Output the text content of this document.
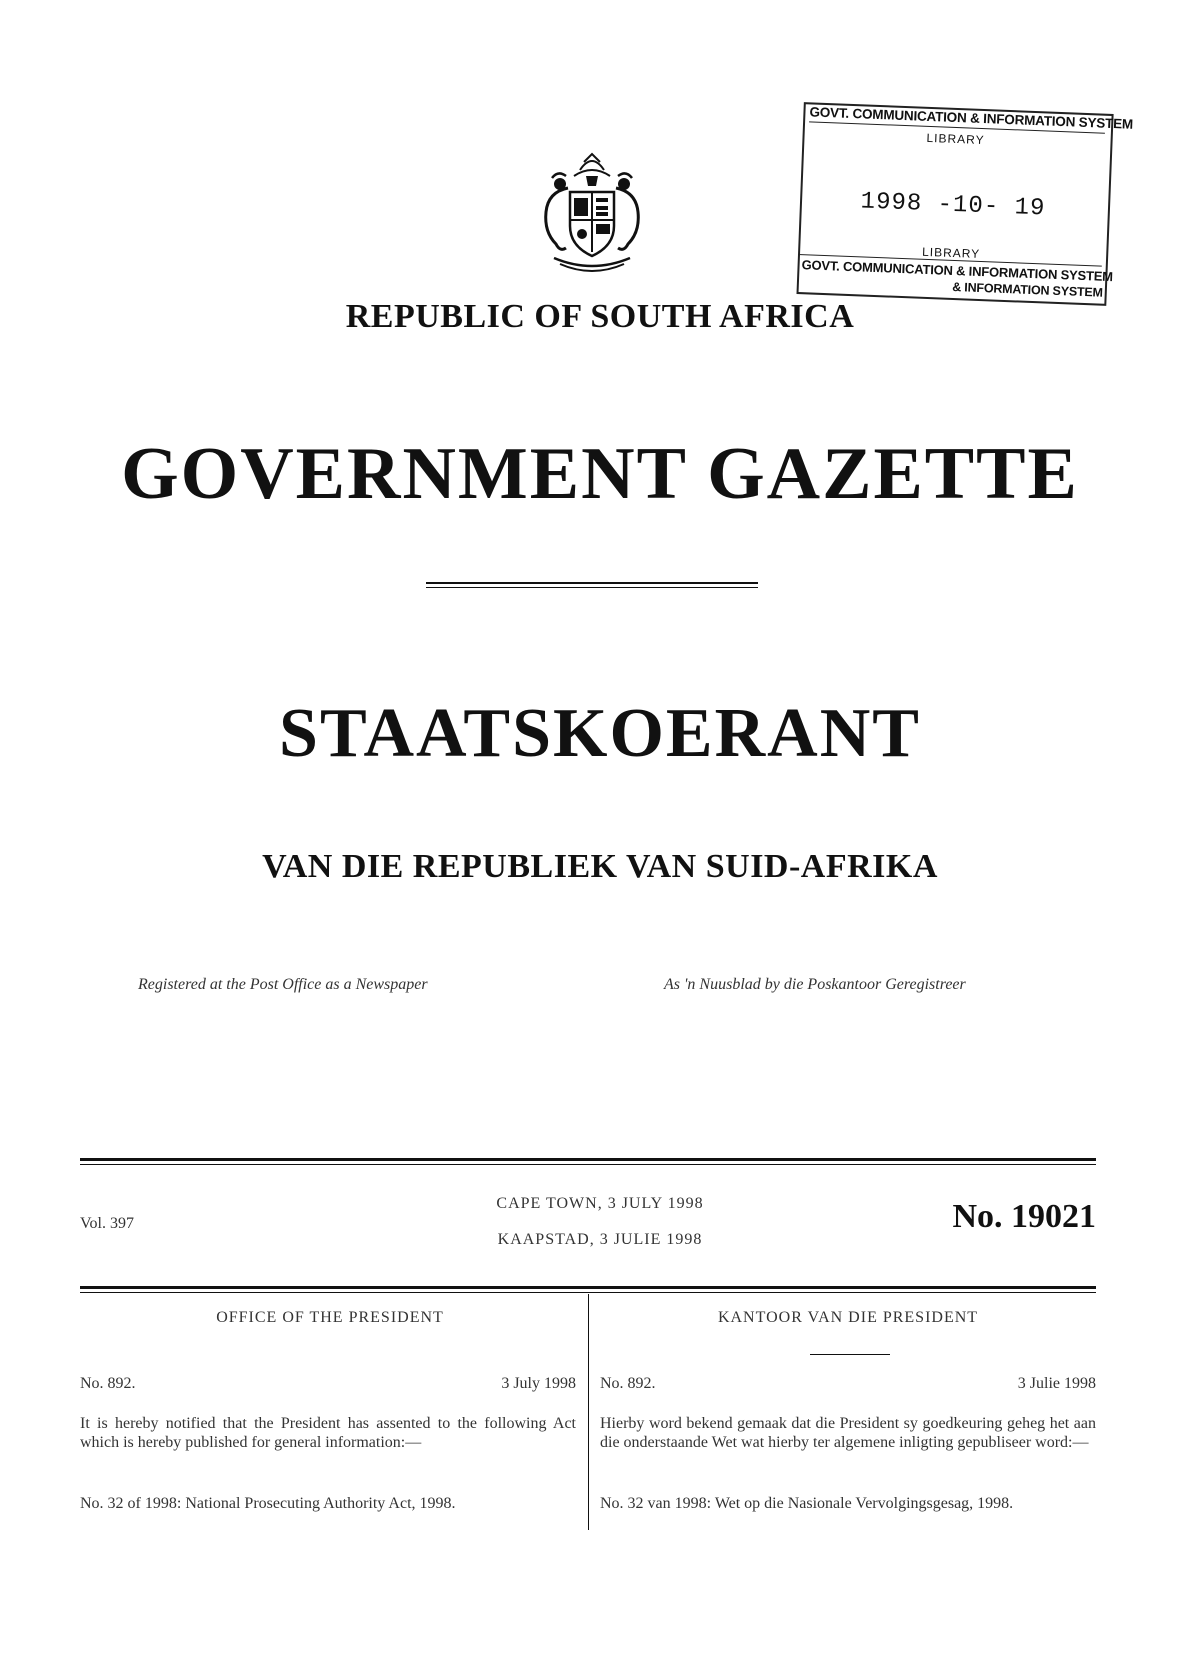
GOVT. COMMUNICATION & INFORMATION SYSTEM
LIBRARY
1998 -10- 19
LIBRARY
GOVT. COMMUNICATION & INFORMATION SYSTEM
& INFORMATION SYSTEM
REPUBLIC OF SOUTH AFRICA
GOVERNMENT GAZETTE
STAATSKOERANT
VAN DIE REPUBLIEK VAN SUID-AFRIKA
Registered at the Post Office as a Newspaper	As 'n Nuusblad by die Poskantoor Geregistreer
Vol. 397
CAPE TOWN, 3 JULY 1998
KAAPSTAD, 3 JULIE 1998
No. 19021
OFFICE OF THE PRESIDENT	KANTOOR VAN DIE PRESIDENT
No. 892.	3 July 1998 No. 892.	3 Julie 1998
It is hereby notified that the President has assented to the following Act which is hereby published for general information:—
Hierby word bekend gemaak dat die President sy goedkeuring geheg het aan die onderstaande Wet wat hierby ter algemene inligting gepubliseer word:—
No. 32 of 1998: National Prosecuting Authority Act, 1998.	No. 32 van 1998: Wet op die Nasionale Vervolgingsgesag, 1998.
